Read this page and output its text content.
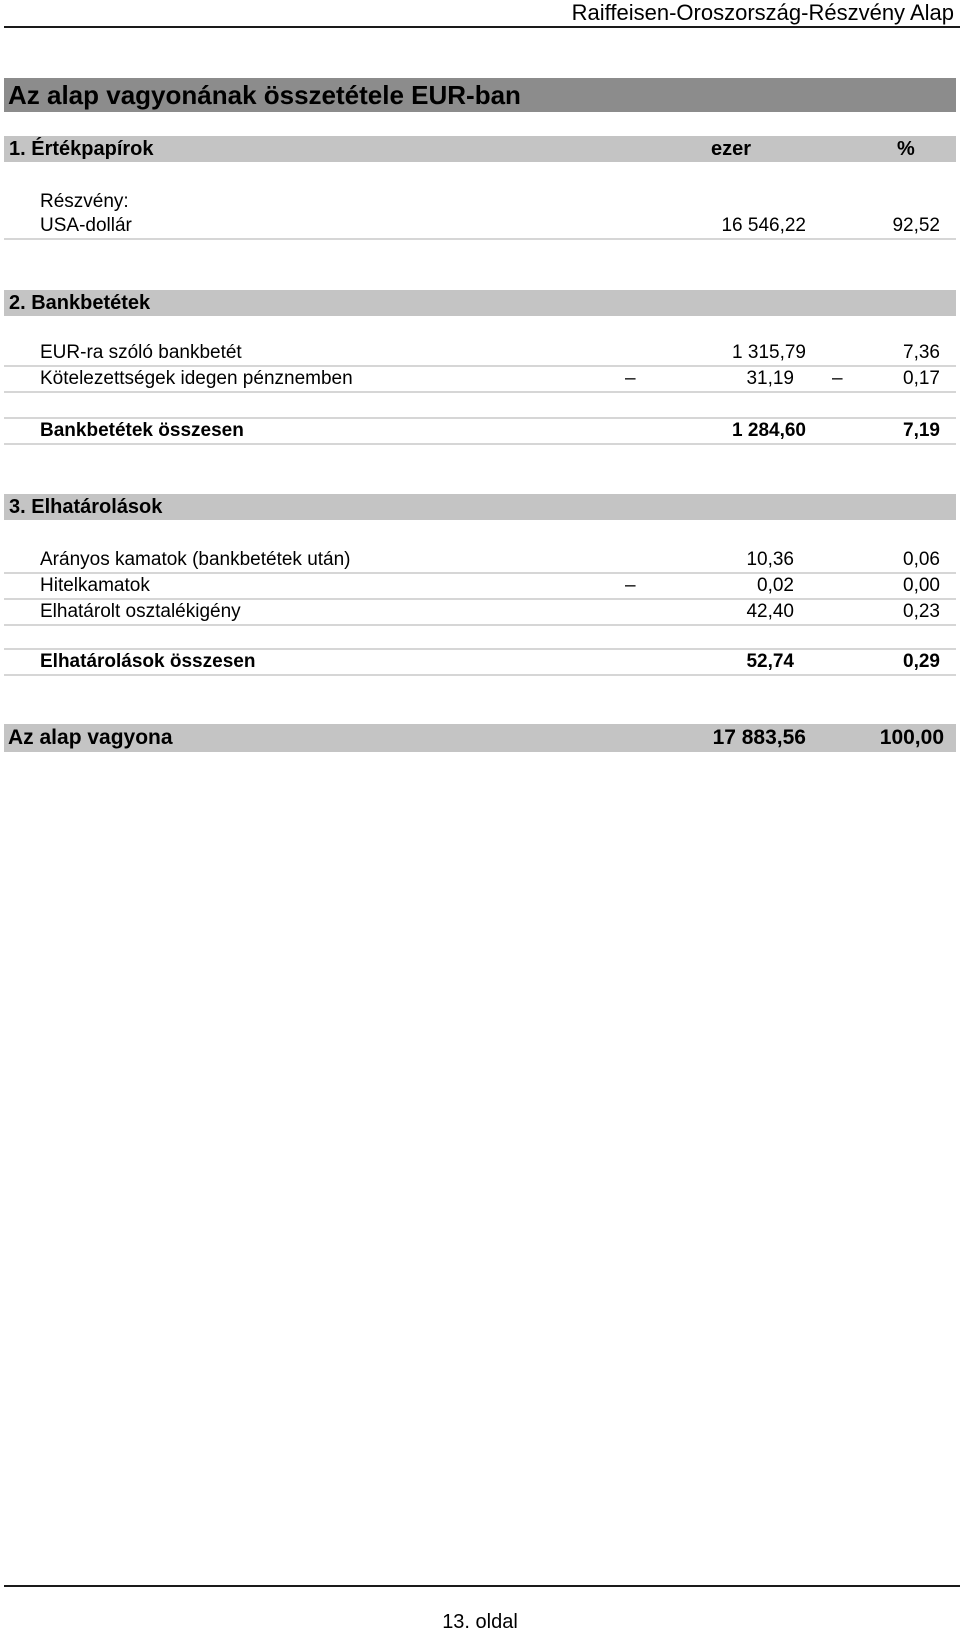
Raiffeisen-Oroszország-Részvény Alap
Az alap vagyonának összetétele EUR-ban
1. Értékpapírok	ezer	%
Részvény:
USA-dollár	16 546,22	92,52
2. Bankbetétek
EUR-ra szóló bankbetét	1 315,79	7,36
Kötelezettségek idegen pénznemben	–	31,19 –	0,17
Bankbetétek összesen	1 284,60	7,19
3. Elhatárolások
Arányos kamatok (bankbetétek után)	10,36	0,06
Hitelkamatok	–	0,02	0,00
Elhatárolt osztalékigény	42,40	0,23
Elhatárolások összesen	52,74	0,29
Az alap vagyona	17 883,56	100,00
13. oldal
